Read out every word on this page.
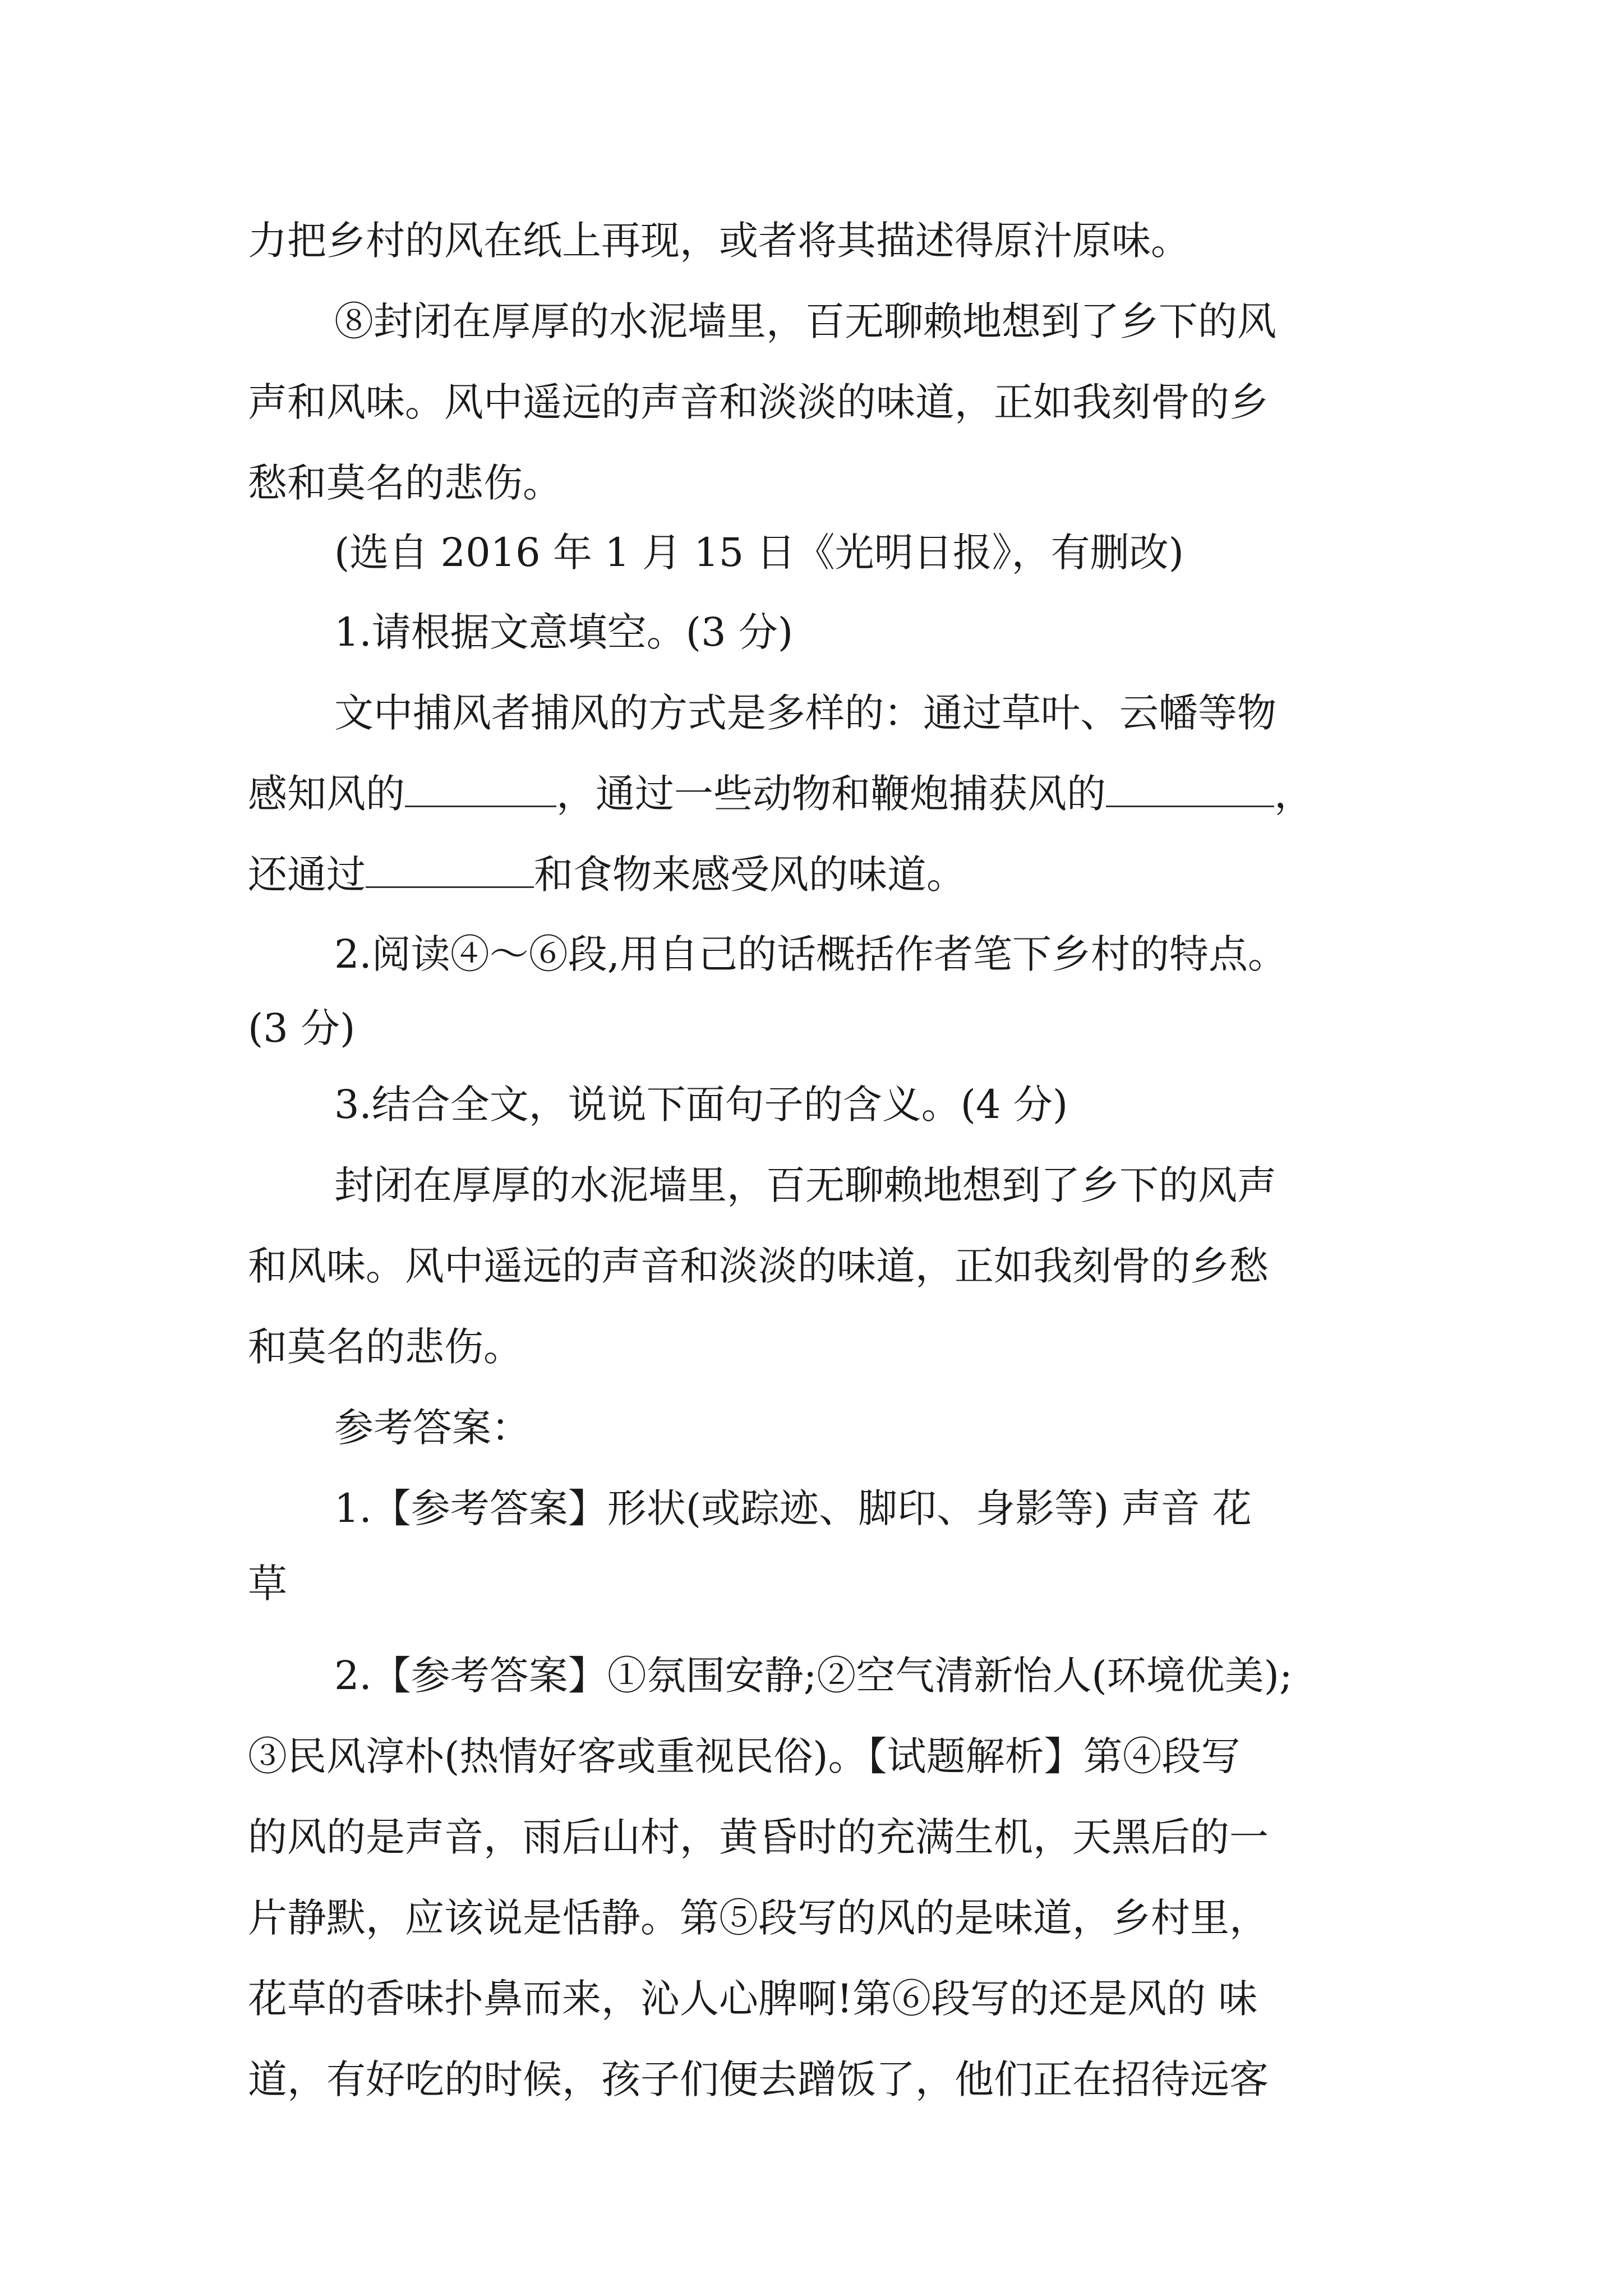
力把乡村的风在纸上再现，或者将其描述得原汁原味。
⑧封闭在厚厚的水泥墙里，百无聊赖地想到了乡下的风
声和风味。风中遥远的声音和淡淡的味道，正如我刻骨的乡
愁和莫名的悲伤。
(选自 2016 年 1 月 15 日《光明日报》，有删改)
1.请根据文意填空。(3 分)
文中捕风者捕风的方式是多样的：通过草叶、云幡等物
感知风的	，通过一些动物和鞭炮捕获风的	，
还通过	和食物来感受风的味道。
2.阅读④～⑥段,用自己的话概括作者笔下乡村的特点。
(3 分)
3.结合全文，说说下面句子的含义。(4 分)
封闭在厚厚的水泥墙里，百无聊赖地想到了乡下的风声
和风味。风中遥远的声音和淡淡的味道，正如我刻骨的乡愁
和莫名的悲伤。
参考答案：
1.【参考答案】形状(或踪迹、脚印、身影等) 声音 花
草
2.【参考答案】①氛围安静;②空气清新怡人(环境优美);
③民风淳朴(热情好客或重视民俗)。【试题解析】第④段写
的风的是声音，雨后山村，黄昏时的充满生机，天黑后的一
片静默，应该说是恬静。第⑤段写的风的是味道，乡村里，
花草的香味扑鼻而来，沁人心脾啊!第⑥段写的还是风的 味
道，有好吃的时候，孩子们便去蹭饭了，他们正在招待远客
